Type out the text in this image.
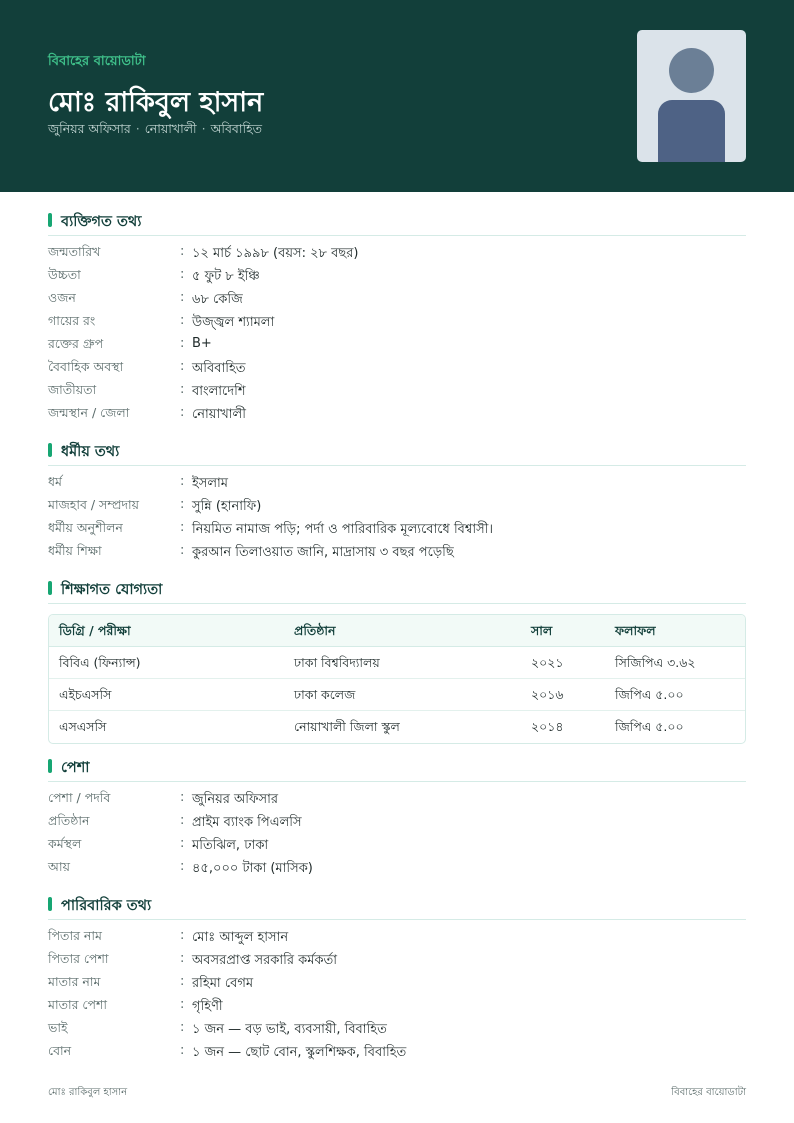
বিবাহের বায়োডাটা
মোঃ রাকিবুল হাসান
জুনিয়র অফিসার · নোয়াখালী · অবিবাহিত
ব্যক্তিগত তথ্য
জন্মতারিখ	: ১২ মার্চ ১৯৯৮ (বয়স: ২৮ বছর)
উচ্চতা	: ৫ ফুট ৮ ইঞ্চি
ওজন	: ৬৮ কেজি
গায়ের রং	: উজ্জ্বল শ্যামলা
রক্তের গ্রুপ	: B+
বৈবাহিক অবস্থা	: অবিবাহিত
জাতীয়তা	: বাংলাদেশি
জন্মস্থান / জেলা	: নোয়াখালী
ধর্মীয় তথ্য
ধর্ম	: ইসলাম
মাজহাব / সম্প্রদায়	: সুন্নি (হানাফি)
ধর্মীয় অনুশীলন	: নিয়মিত নামাজ পড়ি; পর্দা ও পারিবারিক মূল্যবোধে বিশ্বাসী।
ধর্মীয় শিক্ষা	: কুরআন তিলাওয়াত জানি, মাদ্রাসায় ৩ বছর পড়েছি
শিক্ষাগত যোগ্যতা
ডিগ্রি / পরীক্ষা	প্রতিষ্ঠান	সাল	ফলাফল
বিবিএ (ফিন্যান্স)	ঢাকা বিশ্ববিদ্যালয়	২০২১	সিজিপিএ ৩.৬২
এইচএসসি	ঢাকা কলেজ	২০১৬	জিপিএ ৫.০০
এসএসসি	নোয়াখালী জিলা স্কুল	২০১৪	জিপিএ ৫.০০
পেশা
পেশা / পদবি	: জুনিয়র অফিসার
প্রতিষ্ঠান	: প্রাইম ব্যাংক পিএলসি
কর্মস্থল	: মতিঝিল, ঢাকা
আয়	: ৪৫,০০০ টাকা (মাসিক)
পারিবারিক তথ্য
পিতার নাম	: মোঃ আব্দুল হাসান
পিতার পেশা	: অবসরপ্রাপ্ত সরকারি কর্মকর্তা
মাতার নাম	: রহিমা বেগম
মাতার পেশা	: গৃহিণী
ভাই	: ১ জন — বড় ভাই, ব্যবসায়ী, বিবাহিত
বোন	: ১ জন — ছোট বোন, স্কুলশিক্ষক, বিবাহিত
মোঃ রাকিবুল হাসান	বিবাহের বায়োডাটা
